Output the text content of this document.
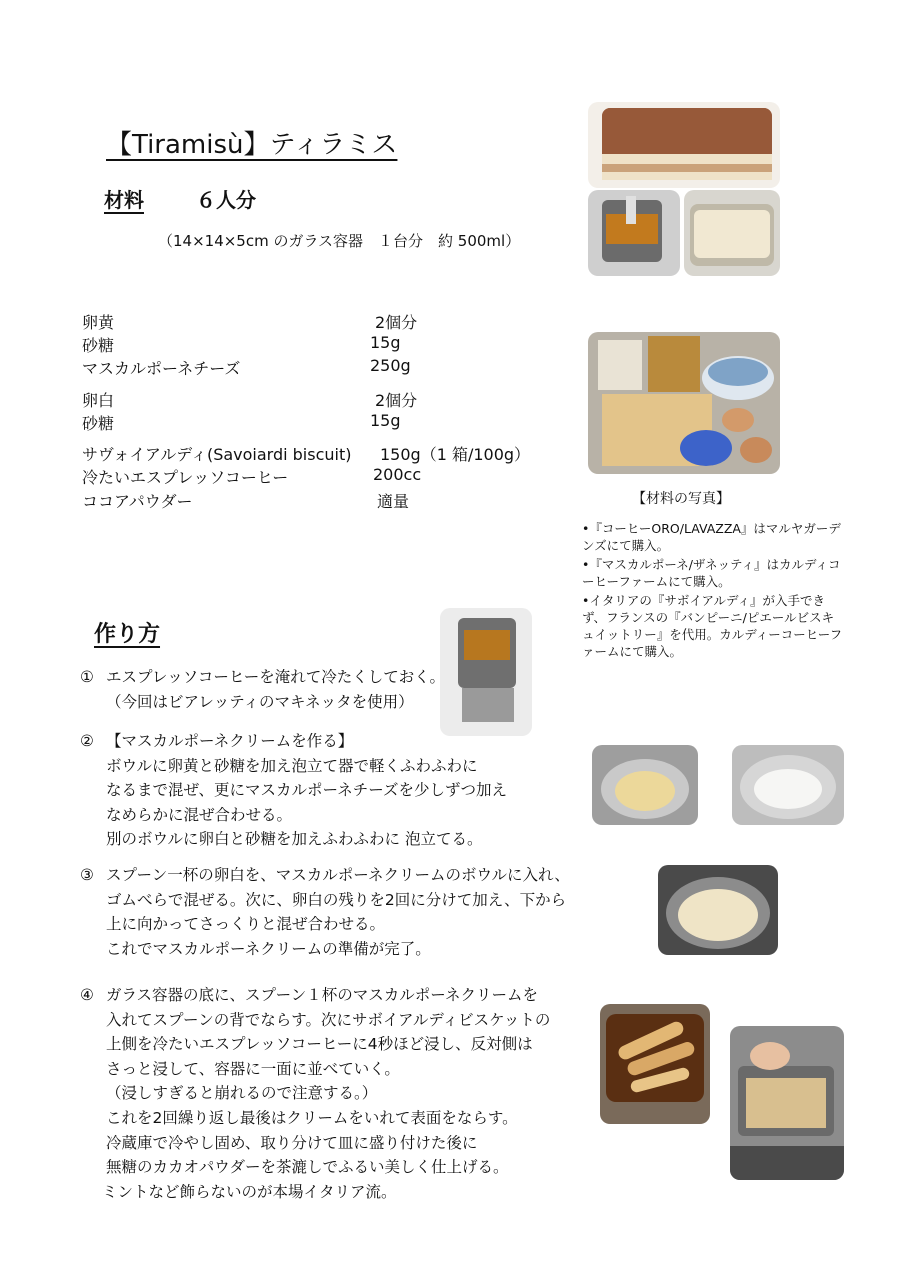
【Tiramisù】ティラミス
材料	６人分
（14×14×5cm のガラス容器　１台分　約 500ml）
卵黄	2個分
砂糖	15g
マスカルポーネチーズ	250g
卵白	2個分
砂糖	15g
サヴォイアルディ(Savoiardi biscuit) 150g（1 箱/100g）
冷たいエスプレッソコーヒー	200cc
ココアパウダー	適量	【材料の写真】
•『コーヒーORO/LAVAZZA』はマルヤガーデンズにて購入。
•『マスカルポーネ/ザネッティ』はカルディコーヒーファームにて購入。
•イタリアの『サボイアルディ』が入手できず、フランスの『バンピーニ/ピエールビスキュイットリー』を代用。カルディーコーヒーファームにて購入。
作り方
① エスプレッソコーヒーを淹れて冷たくしておく。
（今回はビアレッティのマキネッタを使用）
② 【マスカルポーネクリームを作る】
ボウルに卵黄と砂糖を加え泡立て器で軽くふわふわに
なるまで混ぜ、更にマスカルポーネチーズを少しずつ加え
なめらかに混ぜ合わせる。
別のボウルに卵白と砂糖を加えふわふわに 泡立てる。
③ スプーン一杯の卵白を、マスカルポーネクリームのボウルに入れ、
ゴムべらで混ぜる。次に、卵白の残りを2回に分けて加え、下から
上に向かってさっくりと混ぜ合わせる。
これでマスカルポーネクリームの準備が完了。
④ ガラス容器の底に、スプーン１杯のマスカルポーネクリームを
入れてスプーンの背でならす。次にサボイアルディビスケットの
上側を冷たいエスプレッソコーヒーに4秒ほど浸し、反対側は
さっと浸して、容器に一面に並べていく。
（浸しすぎると崩れるので注意する。）
これを2回繰り返し最後はクリームをいれて表面をならす。
冷蔵庫で冷やし固め、取り分けて皿に盛り付けた後に
無糖のカカオパウダーを茶漉しでふるい美しく仕上げる。
ミントなど飾らないのが本場イタリア流。
